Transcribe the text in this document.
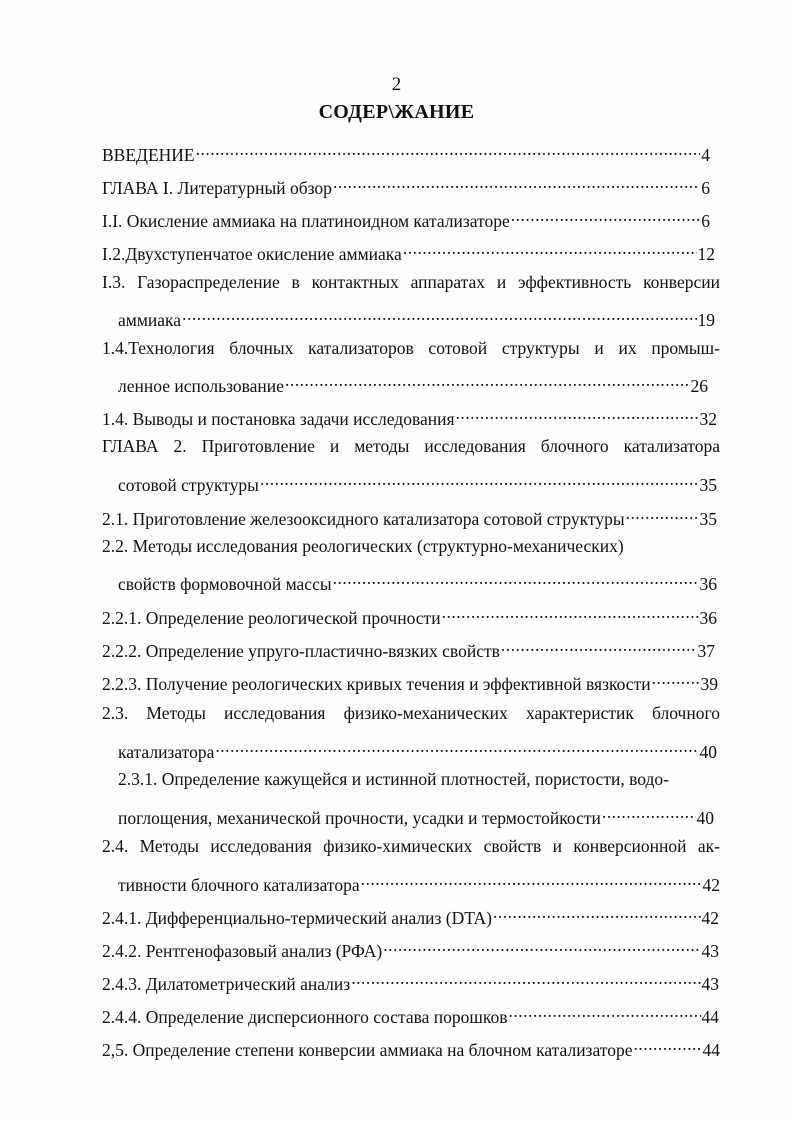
2
СОДЕР\ЖАНИЕ
ВВЕДЕНИЕ .....	4
ГЛАВА I. Литературный обзор .....	6
I.I. Окисление аммиака на платиноидном катализаторе .....	6
I.2.Двухступенчатое окисление аммиака .....	12
I.3. Газораспределение в контактных аппаратах и эффективность конверсии
аммиака .....	19
1.4.Технология блочных катализаторов сотовой структуры и их промыш-
ленное использование .....	26
1.4. Выводы и постановка задачи исследования .....	32
ГЛАВА 2. Приготовление и методы исследования блочного катализатора
сотовой структуры .....	35
2.1. Приготовление железооксидного катализатора сотовой структуры .....	35
2.2. Методы исследования реологических (структурно-механических)
свойств формовочной массы .....	36
2.2.1. Определение реологической прочности .....	36
2.2.2. Определение упруго-пластично-вязких свойств .....	37
2.2.3. Получение реологических кривых течения и эффективной вязкости .....	39
2.3. Методы исследования физико-механических характеристик блочного
катализатора .....	40
2.3.1. Определение кажущейся и истинной плотностей, пористости, водо-
поглощения, механической прочности, усадки и термостойкости .....	40
2.4. Методы исследования физико-химических свойств и конверсионной ак-
тивности блочного катализатора .....	42
2.4.1. Дифференциально-термический анализ (DTA) .....	42
2.4.2. Рентгенофазовый анализ (РФА) .....	43
2.4.3. Дилатометрический анализ .....	43
2.4.4. Определение дисперсионного состава порошков .....	44
2,5. Определение степени конверсии аммиака на блочном катализаторе .....	44
